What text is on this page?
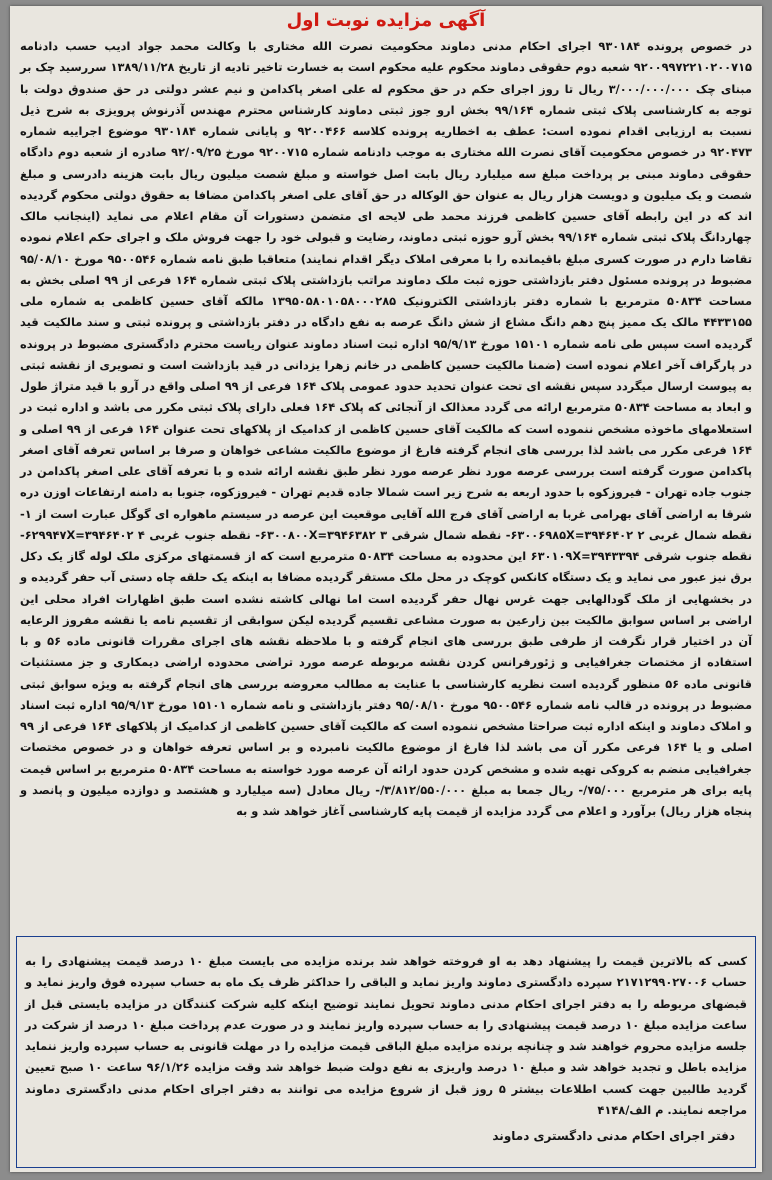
آگهی مزایده نوبت اول
در خصوص پرونده ۹۳۰۱۸۴ اجرای احکام مدنی دماوند محکومیت نصرت الله مختاری با وکالت محمد جواد ادیب حسب دادنامه ۹۲۰۰۹۹۷۲۲۱۰۲۰۰۷۱۵ شعبه دوم حقوقی دماوند محکوم علیه محکوم است به خسارت تاخیر تادیه از تاریخ ۱۳۸۹/۱۱/۲۸ سررسید چک بر مبنای چک ۳/۰۰۰/۰۰۰/۰۰۰ ریال تا روز اجرای حکم در حق محکوم له علی اصغر پاکدامن و نیم عشر دولتی در حق صندوق دولت با توجه به کارشناسی پلاک ثبتی شماره ۹۹/۱۶۴ بخش ارو جوز ثبتی دماوند کارشناس محترم مهندس آذرنوش پرویزی به شرح ذیل نسبت به ارزیابی اقدام نموده است: عطف به اخطاریه پرونده کلاسه ۹۲۰۰۴۶۶ و پایانی شماره ۹۳۰۱۸۴ موضوع اجراییه شماره ۹۲۰۴۷۳ در خصوص محکومیت آقای نصرت الله مختاری به موجب دادنامه شماره ۹۲۰۰۷۱۵ مورخ ۹۲/۰۹/۲۵ صادره از شعبه دوم دادگاه حقوقی دماوند مبنی بر پرداخت مبلغ سه میلیارد ریال بابت اصل خواسته و مبلغ شصت میلیون ریال بابت هزینه دادرسی و مبلغ شصت و یک میلیون و دویست هزار ریال به عنوان حق الوکاله در حق آقای علی اصغر پاکدامن مضافا به حقوق دولتی محکوم گردیده اند که در این رابطه آقای حسین کاظمی فرزند محمد طی لایحه ای متضمن دستورات آن مقام اعلام می نماید (اینجانب مالک چهاردانگ پلاک ثبتی شماره ۹۹/۱۶۴ بخش آرو حوزه ثبتی دماوند، رضایت و قبولی خود را جهت فروش ملک و اجرای حکم اعلام نموده تقاضا دارم در صورت کسری مبلغ باقیمانده را با معرفی املاک دیگر اقدام نمایند) متعاقبا طبق نامه شماره ۹۵۰۰۵۴۶ مورخ ۹۵/۰۸/۱۰ مضبوط در پرونده مسئول دفتر بازداشتی حوزه ثبت ملک دماوند مراتب بازداشتی پلاک ثبتی شماره ۱۶۴ فرعی از ۹۹ اصلی بخش به مساحت ۵۰۸۳۴ مترمربع با شماره دفتر بازداشتی الکترونیک ۱۳۹۵۰۵۸۰۱۰۵۸۰۰۰۲۸۵ مالکه آقای حسین کاظمی به شماره ملی ۴۴۳۳۱۵۵ مالک یک ممیز پنج دهم دانگ مشاع از شش دانگ عرصه به نفع دادگاه در دفتر بازداشتی و پرونده ثبتی و سند مالکیت قید گردیده است سپس طی نامه شماره ۱۵۱۰۱ مورخ ۹۵/۹/۱۳ اداره ثبت اسناد دماوند عنوان ریاست محترم دادگستری مضبوط در پرونده در پارگراف آخر اعلام نموده است (ضمنا مالکیت حسین کاظمی در خانم زهرا یزدانی در قید بازداشت است و تصویری از نقشه ثبتی به پیوست ارسال میگردد سپس نقشه ای تحت عنوان تحدید حدود عمومی پلاک ۱۶۴ فرعی از ۹۹ اصلی واقع در آرو با قید متراژ طول و ابعاد به مساحت ۵۰۸۳۴ مترمربع ارائه می گردد معذالک از آنجائی که پلاک ۱۶۴ فعلی دارای پلاک ثبتی مکرر می باشد و اداره ثبت در استعلامهای ماخوذه مشخص ننموده است که مالکیت آقای حسین کاظمی از کدامیک از پلاکهای تحت عنوان ۱۶۴ فرعی از ۹۹ اصلی و ۱۶۴ فرعی مکرر می باشد لذا بررسی های انجام گرفته فارغ از موضوع مالکیت مشاعی خواهان و صرفا بر اساس تعرفه آقای اصغر پاکدامن صورت گرفته است بررسی عرصه مورد نظر عرصه مورد نظر طبق نقشه ارائه شده و با تعرفه آقای علی اصغر پاکدامن در جنوب جاده تهران - فیروزکوه با حدود اربعه به شرح زیر است شمالا جاده قدیم تهران - فیروزکوه، جنوبا به دامنه ارتفاعات اوزن دره شرقا به اراضی آقای بهرامی غربا به اراضی آقای فرج الله آقایی موقعیت این عرصه در سیستم ماهواره ای گوگل عبارت است از ۱- نقطه شمال غربی ۶۳۰۰۶۹۸۵X=۳۹۴۶۴۰۲ ۲- نقطه شمال شرقی ۶۳۰۰۸۰۰X=۳۹۴۶۳۸۲ ۳- نقطه جنوب غربی ۶۲۹۹۴۷X=۳۹۴۶۴۰۲ ۴- نقطه جنوب شرقی ۶۳۰۱۰۹X=۳۹۴۳۳۹۴ این محدوده به مساحت ۵۰۸۳۴ مترمربع است که از قسمتهای مرکزی ملک لوله گاز یک دکل برق نیز عبور می نماید و یک دستگاه کانکس کوچک در محل ملک مستقر گردیده مضافا به اینکه یک حلقه چاه دستی آب حفر گردیده و در بخشهایی از ملک گودالهایی جهت غرس نهال حفر گردیده است اما نهالی کاشته نشده است طبق اظهارات افراد محلی این اراضی بر اساس سوابق مالکیت بین زارعین به صورت مشاعی تقسیم گردیده لیکن سوابقی از تقسیم نامه یا نقشه مفروز الرعایه آن در اختیار قرار نگرفت از طرفی طبق بررسی های انجام گرفته و با ملاحظه نقشه های اجرای مقررات قانونی ماده ۵۶ و با استفاده از مختصات جغرافیایی و ژئورفرانس کردن نقشه مربوطه عرصه مورد تراضی محدوده اراضی دیمکاری و جز مستثنیات قانونی ماده ۵۶ منظور گردیده است نظریه کارشناسی با عنایت به مطالب معروضه بررسی های انجام گرفته به ویژه سوابق ثبتی مضبوط در پرونده در قالب نامه شماره ۹۵۰۰۵۴۶ مورخ ۹۵/۰۸/۱۰ دفتر بازداشتی و نامه شماره ۱۵۱۰۱ مورخ ۹۵/۹/۱۳ اداره ثبت اسناد و املاک دماوند و اینکه اداره ثبت صراحتا مشخص ننموده است که مالکیت آقای حسین کاظمی از کدامیک از پلاکهای ۱۶۴ فرعی از ۹۹ اصلی و یا ۱۶۴ فرعی مکرر آن می باشد لذا فارغ از موضوع مالکیت نامبرده و بر اساس تعرفه خواهان و در خصوص مختصات جغرافیایی منضم به کروکی تهیه شده و مشخص کردن حدود ارائه آن عرصه مورد خواسته به مساحت ۵۰۸۳۴ مترمربع بر اساس قیمت پایه برای هر مترمربع ۷۵/۰۰۰/- ریال جمعا به مبلغ ۳/۸۱۲/۵۵۰/۰۰۰/- ریال معادل (سه میلیارد و هشتصد و دوازده میلیون و پانصد و پنجاه هزار ریال) برآورد و اعلام می گردد مزایده از قیمت پایه کارشناسی آغاز خواهد شد و به
کسی که بالاترین قیمت را پیشنهاد دهد به او فروخته خواهد شد برنده مزایده می بایست مبلغ ۱۰ درصد قیمت پیشنهادی را به حساب ۲۱۷۱۲۹۹۰۲۷۰۰۶ سپرده دادگستری دماوند واریز نماید و الباقی را حداکثر ظرف یک ماه به حساب سپرده فوق واریز نماید و قبضهای مربوطه را به دفتر اجرای احکام مدنی دماوند تحویل نمایند توضیح اینکه کلیه شرکت کنندگان در مزایده بایستی قبل از ساعت مزایده مبلغ ۱۰ درصد قیمت پیشنهادی را به حساب سپرده واریز نمایند و در صورت عدم پرداخت مبلغ ۱۰ درصد از شرکت در جلسه مزایده محروم خواهند شد و چنانچه برنده مزایده مبلغ الباقی قیمت مزایده را در مهلت قانونی به حساب سپرده واریز ننماید مزایده باطل و تجدید خواهد شد و مبلغ ۱۰ درصد واریزی به نفع دولت ضبط خواهد شد وقت مزایده ۹۶/۱/۲۶ ساعت ۱۰ صبح تعیین گردید طالبین جهت کسب اطلاعات بیشتر ۵ روز قبل از شروع مزایده می توانند به دفتر اجرای احکام مدنی دادگستری دماوند مراجعه نمایند. م الف/۴۱۴۸
دفتر اجرای احکام مدنی دادگستری دماوند
